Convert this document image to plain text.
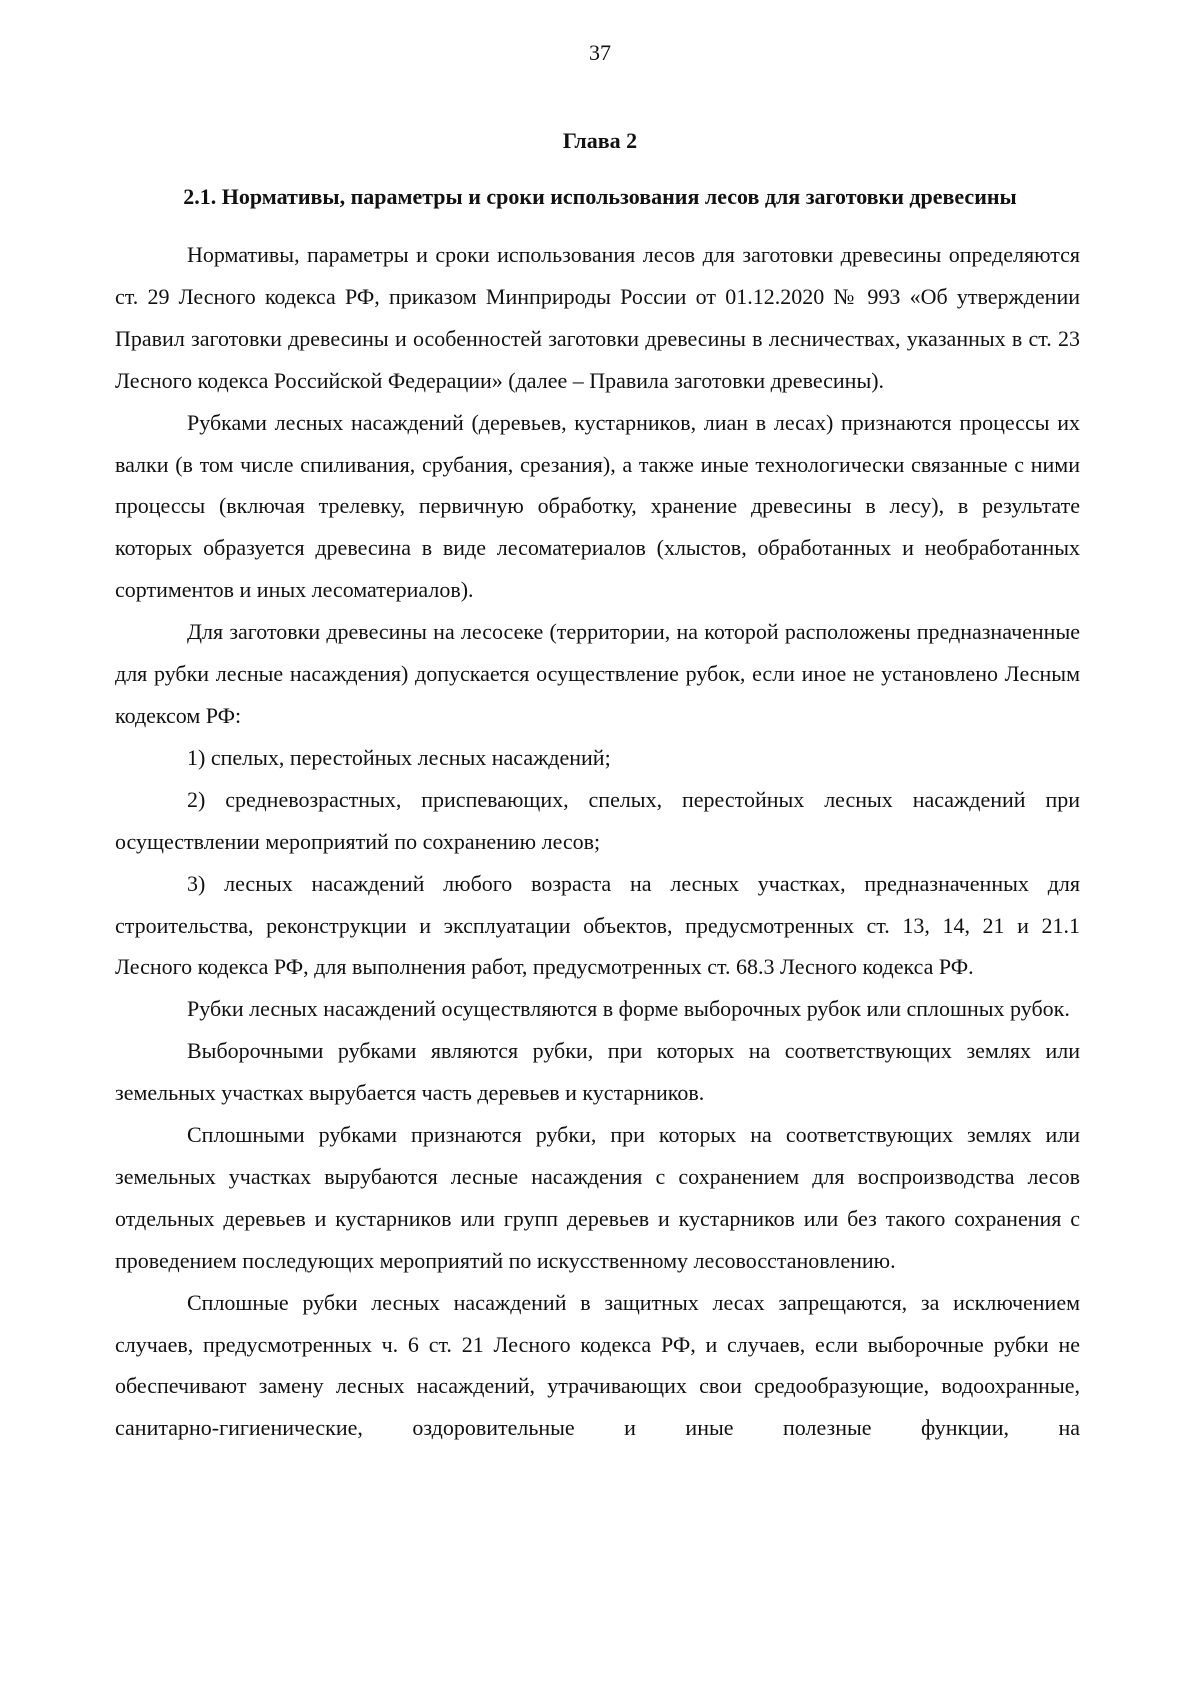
37
Глава 2
2.1. Нормативы, параметры и сроки использования лесов для заготовки древесины

Нормативы, параметры и сроки использования лесов для заготовки древесины определяются ст. 29 Лесного кодекса РФ, приказом Минприроды России от 01.12.2020 № 993 «Об утверждении Правил заготовки древесины и особенностей заготовки древесины в лесничествах, указанных в ст. 23 Лесного кодекса Российской Федерации» (далее – Правила заготовки древесины).

Рубками лесных насаждений (деревьев, кустарников, лиан в лесах) признаются процессы их валки (в том числе спиливания, срубания, срезания), а также иные технологически связанные с ними процессы (включая трелевку, первичную обработку, хранение древесины в лесу), в результате которых образуется древесина в виде лесоматериалов (хлыстов, обработанных и необработанных сортиментов и иных лесоматериалов).

Для заготовки древесины на лесосеке (территории, на которой расположены предназначенные для рубки лесные насаждения) допускается осуществление рубок, если иное не установлено Лесным кодексом РФ:

1) спелых, перестойных лесных насаждений;

2) средневозрастных, приспевающих, спелых, перестойных лесных насаждений при осуществлении мероприятий по сохранению лесов;

3) лесных насаждений любого возраста на лесных участках, предназначенных для строительства, реконструкции и эксплуатации объектов, предусмотренных ст. 13, 14, 21 и 21.1 Лесного кодекса РФ, для выполнения работ, предусмотренных ст. 68.3 Лесного кодекса РФ.

Рубки лесных насаждений осуществляются в форме выборочных рубок или сплошных рубок.

Выборочными рубками являются рубки, при которых на соответствующих землях или земельных участках вырубается часть деревьев и кустарников.

Сплошными рубками признаются рубки, при которых на соответствующих землях или земельных участках вырубаются лесные насаждения с сохранением для воспроизводства лесов отдельных деревьев и кустарников или групп деревьев и кустарников или без такого сохранения с проведением последующих мероприятий по искусственному лесовосстановлению.

Сплошные рубки лесных насаждений в защитных лесах запрещаются, за исключением случаев, предусмотренных ч. 6 ст. 21 Лесного кодекса РФ, и случаев, если выборочные рубки не обеспечивают замену лесных насаждений, утрачивающих свои средообразующие, водоохранные, санитарно-гигиенические, оздоровительные и иные полезные функции, на
